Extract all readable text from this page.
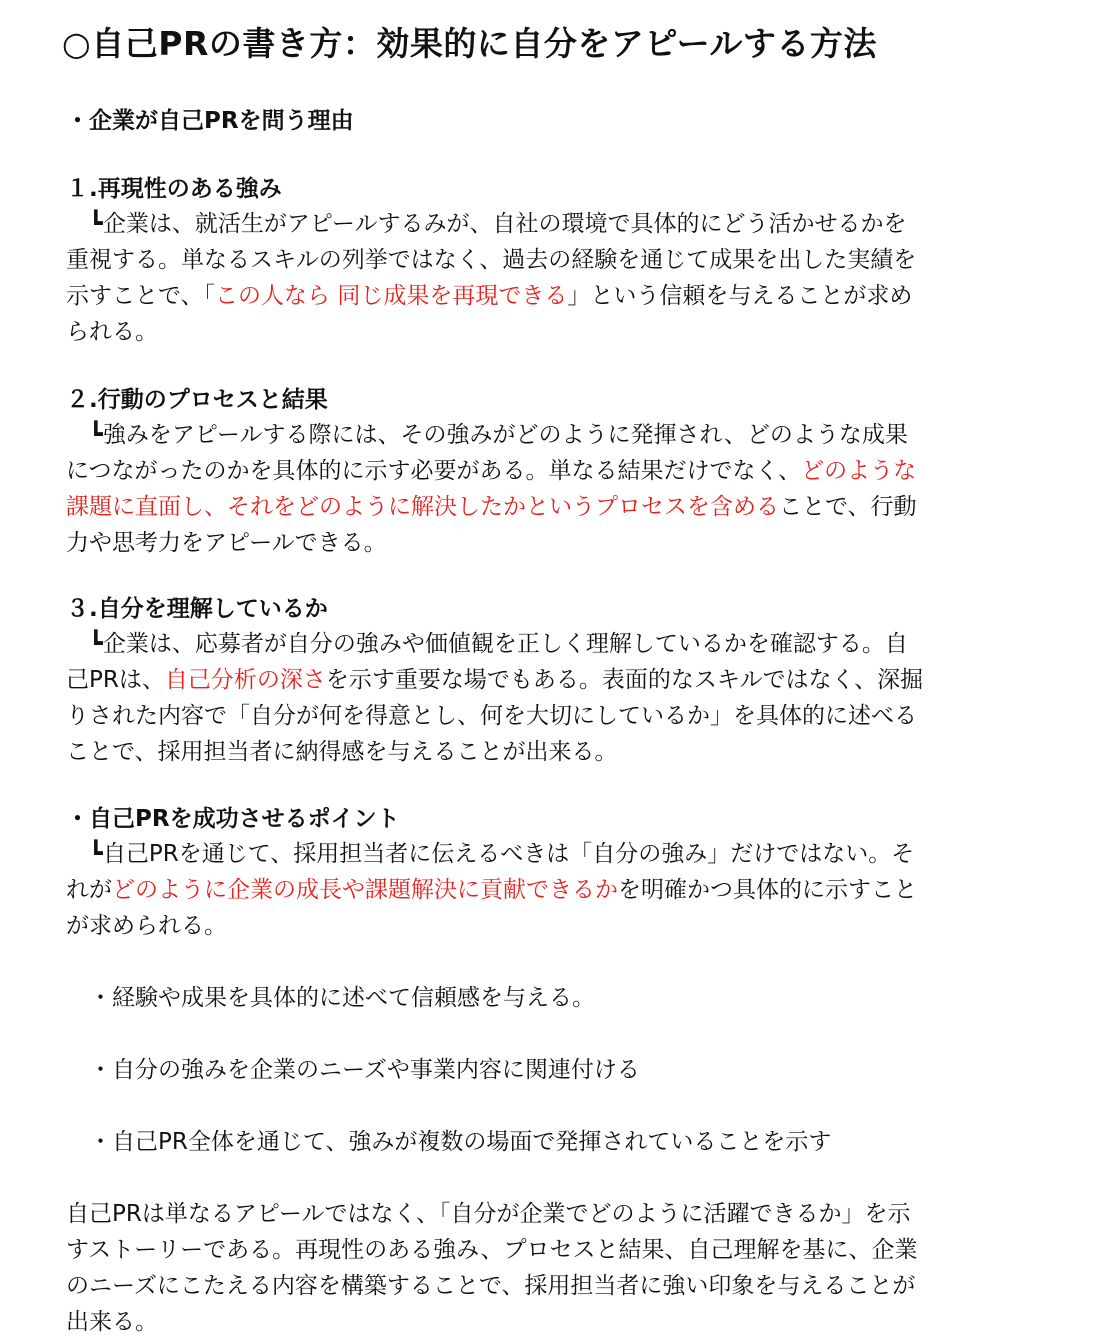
○自己PRの書き方：効果的に自分をアピールする方法
・企業が自己PRを問う理由
１.再現性のある強み
　┗企業は、就活生がアピールするみが、自社の環境で具体的にどう活かせるかを
重視する。単なるスキルの列挙ではなく、過去の経験を通じて成果を出した実績を
示すことで、「この人なら 同じ成果を再現できる」という信頼を与えることが求め
られる。
２.行動のプロセスと結果
　┗強みをアピールする際には、その強みがどのように発揮され、どのような成果
につながったのかを具体的に示す必要がある。単なる結果だけでなく、どのような
課題に直面し、それをどのように解決したかというプロセスを含めることで、行動
力や思考力をアピールできる。
３.自分を理解しているか
　┗企業は、応募者が自分の強みや価値観を正しく理解しているかを確認する。自
己PRは、自己分析の深さを示す重要な場でもある。表面的なスキルではなく、深掘
りされた内容で「自分が何を得意とし、何を大切にしているか」を具体的に述べる
ことで、採用担当者に納得感を与えることが出来る。
・自己PRを成功させるポイント
　┗自己PRを通じて、採用担当者に伝えるべきは「自分の強み」だけではない。そ
れがどのように企業の成長や課題解決に貢献できるかを明確かつ具体的に示すこと
が求められる。

　・経験や成果を具体的に述べて信頼感を与える。

　・自分の強みを企業のニーズや事業内容に関連付ける

　・自己PR全体を通じて、強みが複数の場面で発揮されていることを示す

自己PRは単なるアピールではなく、「自分が企業でどのように活躍できるか」を示
すストーリーである。再現性のある強み、プロセスと結果、自己理解を基に、企業
のニーズにこたえる内容を構築することで、採用担当者に強い印象を与えることが
出来る。
